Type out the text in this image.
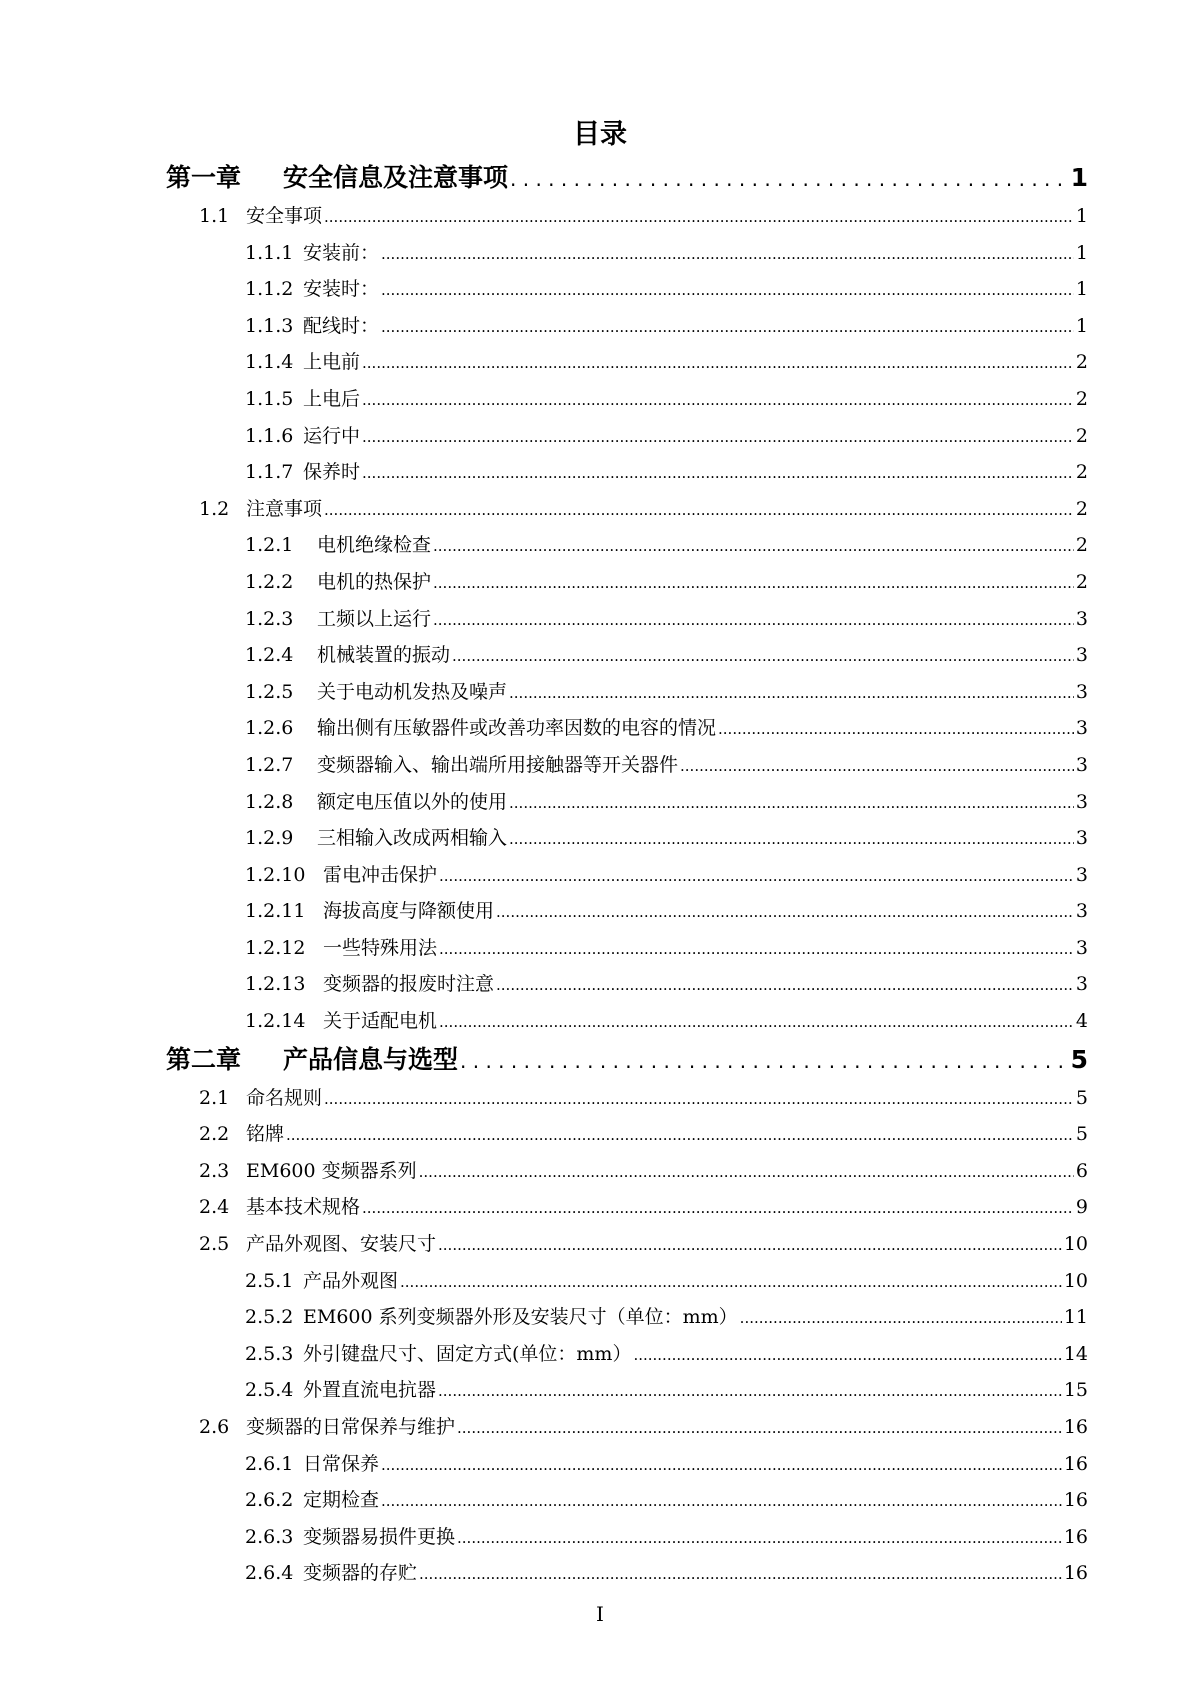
目录
第一章	安全信息及注意事项 . . .	1
1.1 安全事项 .....	1
1.1.1 安装前： .....	1
1.1.2 安装时： .....	1
1.1.3 配线时： .....	1
1.1.4 上电前 .....	2
1.1.5 上电后 .....	2
1.1.6 运行中 .....	2
1.1.7 保养时 .....	2
1.2 注意事项 .....	2
1.2.1	电机绝缘检查 .....	2
1.2.2	电机的热保护 .....	2
1.2.3	工频以上运行 .....	3
1.2.4	机械装置的振动 .....	3
1.2.5	关于电动机发热及噪声 .....	3
1.2.6	输出侧有压敏器件或改善功率因数的电容的情况 .....	3
1.2.7	变频器输入、输出端所用接触器等开关器件 .....	3
1.2.8	额定电压值以外的使用 .....	3
1.2.9	三相输入改成两相输入 .....	3
1.2.10 雷电冲击保护 .....	3
1.2.11 海拔高度与降额使用 .....	3
1.2.12 一些特殊用法 .....	3
1.2.13 变频器的报废时注意 .....	3
1.2.14 关于适配电机 .....	4
第二章	产品信息与选型 . . .	5
2.1 命名规则 .....	5
2.2 铭牌 .....	5
2.3 EM600 变频器系列 .....	6
2.4 基本技术规格 .....	9
2.5 产品外观图、安装尺寸 .....	10
2.5.1 产品外观图 .....	10
2.5.2 EM600 系列变频器外形及安装尺寸（单位：mm） .....	11
2.5.3 外引键盘尺寸、固定方式(单位：mm） .....	14
2.5.4 外置直流电抗器 .....	15
2.6 变频器的日常保养与维护 .....	16
2.6.1 日常保养 .....	16
2.6.2 定期检查 .....	16
2.6.3 变频器易损件更换 .....	16
2.6.4 变频器的存贮 .....	16
I
